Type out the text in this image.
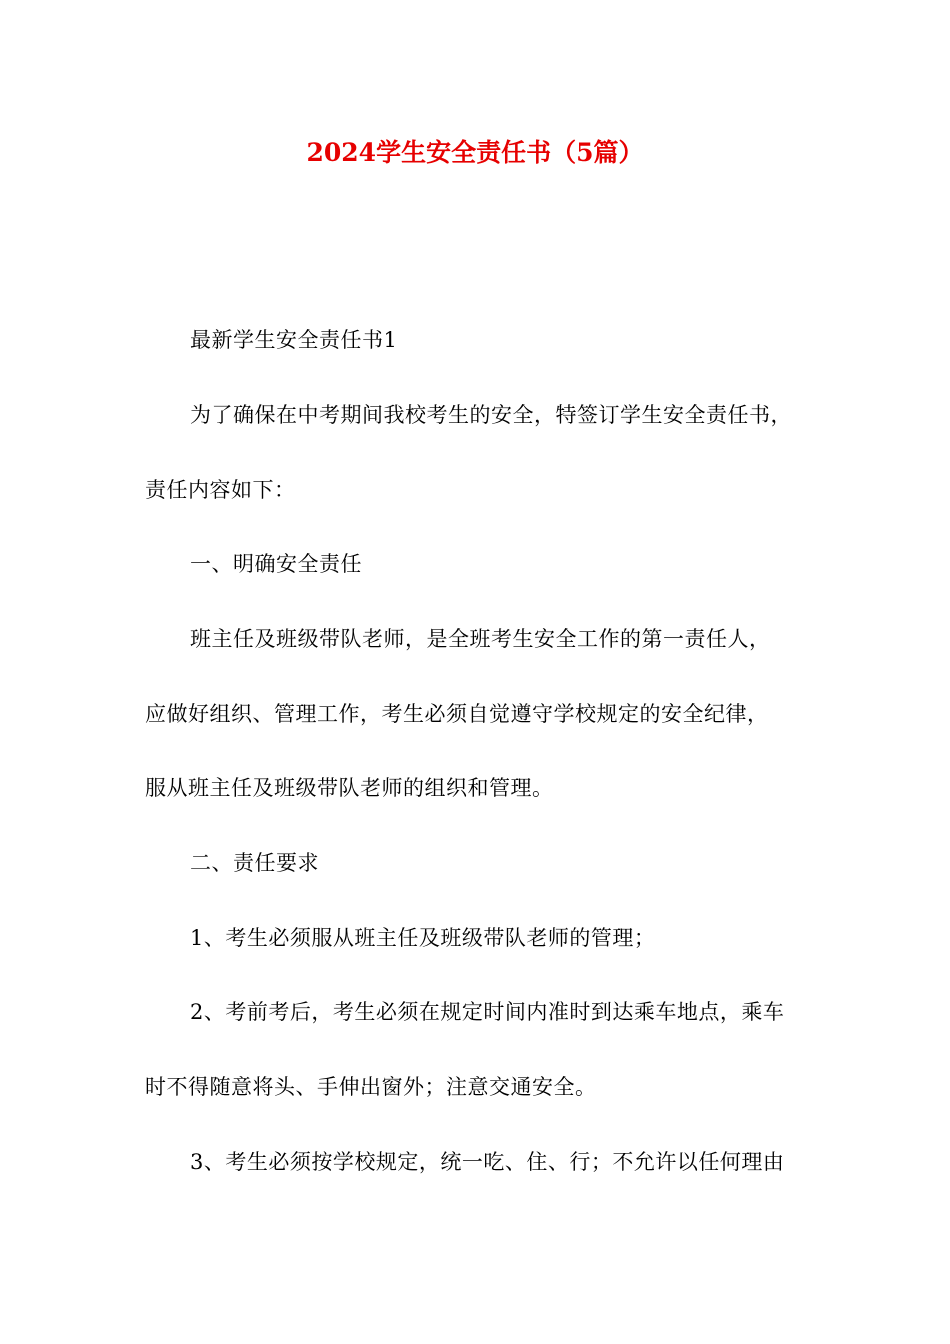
2024学生安全责任书（5篇）
最新学生安全责任书1
为了确保在中考期间我校考生的安全，特签订学生安全责任书，
责任内容如下：
一、明确安全责任
班主任及班级带队老师，是全班考生安全工作的第一责任人，
应做好组织、管理工作，考生必须自觉遵守学校规定的安全纪律，
服从班主任及班级带队老师的组织和管理。
二、责任要求
1、考生必须服从班主任及班级带队老师的管理；
2、考前考后，考生必须在规定时间内准时到达乘车地点，乘车
时不得随意将头、手伸出窗外；注意交通安全。
3、考生必须按学校规定，统一吃、住、行；不允许以任何理由
